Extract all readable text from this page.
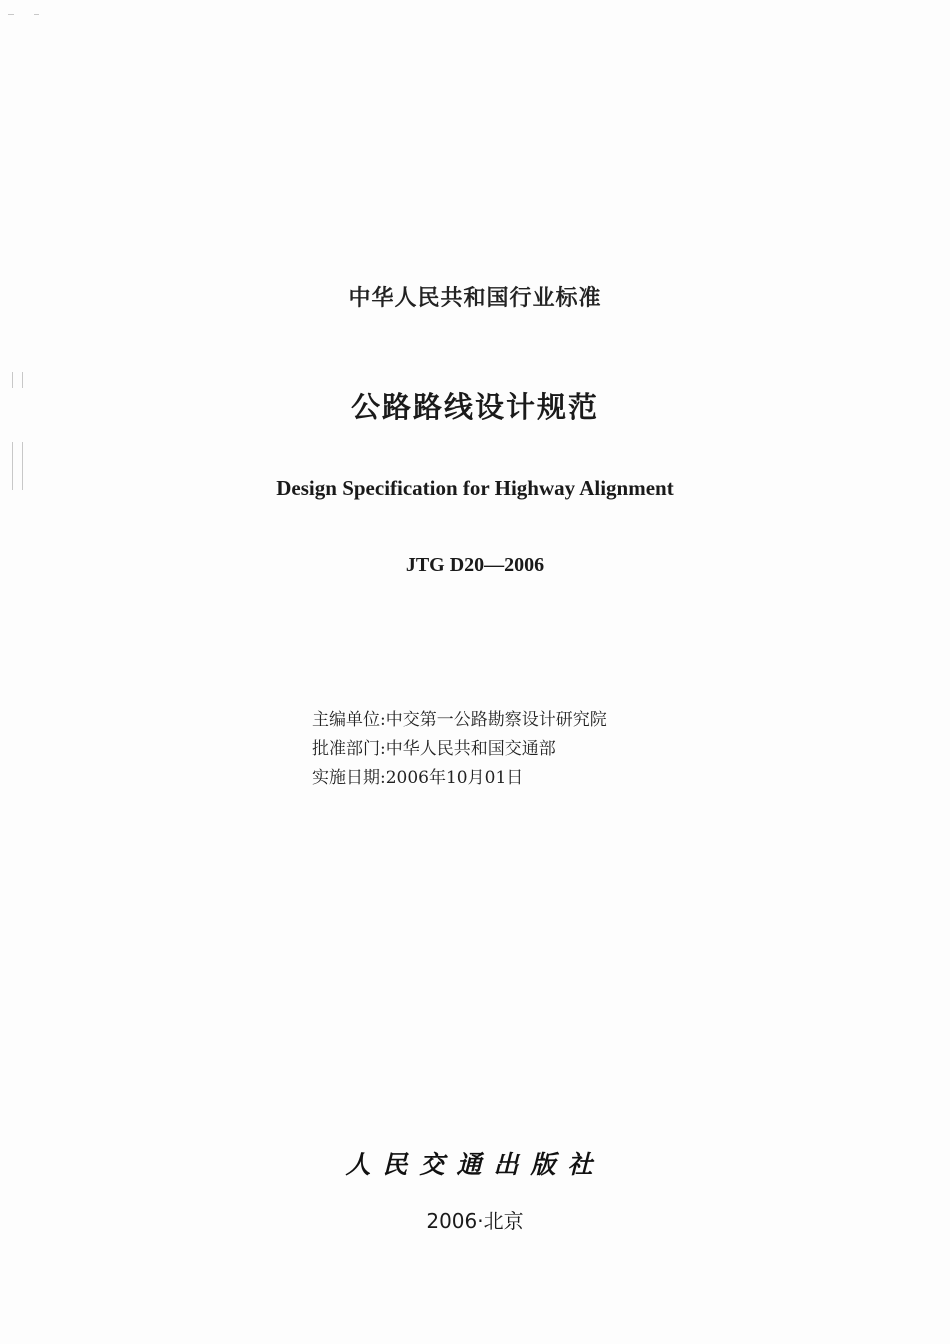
中华人民共和国行业标准
公路路线设计规范
Design Specification for Highway Alignment
JTG D20—2006
主编单位:中交第一公路勘察设计研究院
批准部门:中华人民共和国交通部
实施日期:2006年10月01日
人民交通出版社
2006·北京
